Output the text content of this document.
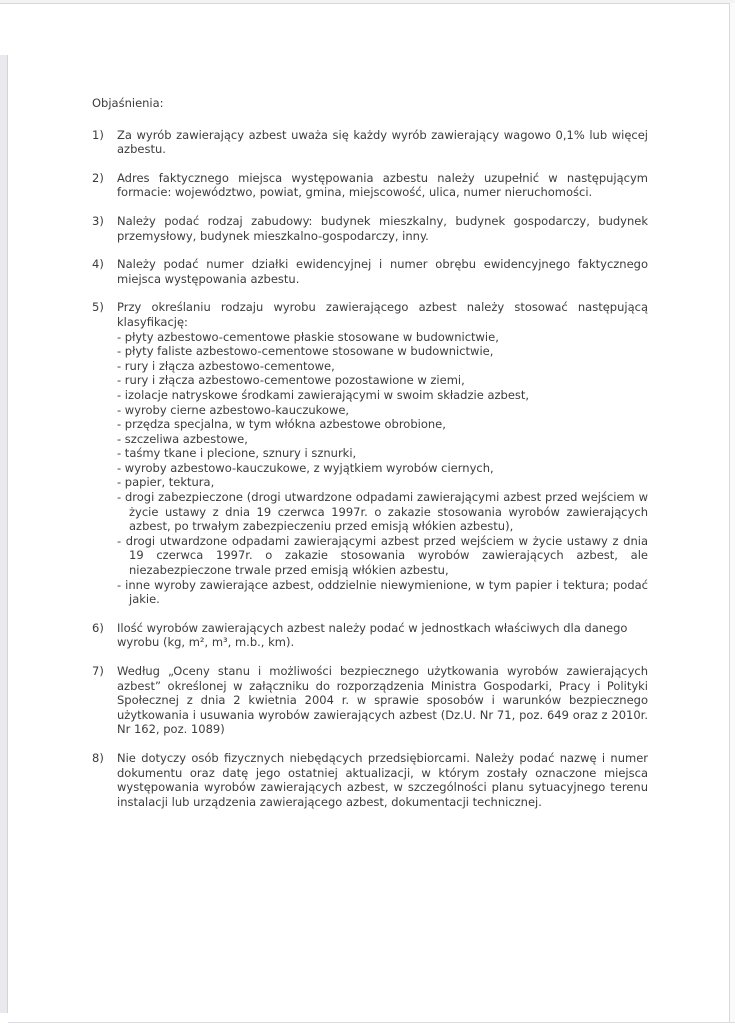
Objaśnienia:
1) Za wyrób zawierający azbest uważa się każdy wyrób zawierający wagowo 0,1% lub więcej azbestu.
2) Adres faktycznego miejsca występowania azbestu należy uzupełnić w następującym formacie: województwo, powiat, gmina, miejscowość, ulica, numer nieruchomości.
3) Należy podać rodzaj zabudowy: budynek mieszkalny, budynek gospodarczy, budynek przemysłowy, budynek mieszkalno-gospodarczy, inny.
4) Należy podać numer działki ewidencyjnej i numer obrębu ewidencyjnego faktycznego miejsca występowania azbestu.
5) Przy określaniu rodzaju wyrobu zawierającego azbest należy stosować następującą klasyfikację:
- płyty azbestowo-cementowe płaskie stosowane w budownictwie,
- płyty faliste azbestowo-cementowe stosowane w budownictwie,
- rury i złącza azbestowo-cementowe,
- rury i złącza azbestowo-cementowe pozostawione w ziemi,
- izolacje natryskowe środkami zawierającymi w swoim składzie azbest,
- wyroby cierne azbestowo-kauczukowe,
- przędza specjalna, w tym włókna azbestowe obrobione,
- szczeliwa azbestowe,
- taśmy tkane i plecione, sznury i sznurki,
- wyroby azbestowo-kauczukowe, z wyjątkiem wyrobów ciernych,
- papier, tektura,
- drogi zabezpieczone (drogi utwardzone odpadami zawierającymi azbest przed wejściem w życie ustawy z dnia 19 czerwca 1997r. o zakazie stosowania wyrobów zawierających azbest, po trwałym zabezpieczeniu przed emisją włókien azbestu),
- drogi utwardzone odpadami zawierającymi azbest przed wejściem w życie ustawy z dnia 19 czerwca 1997r. o zakazie stosowania wyrobów zawierających azbest, ale niezabezpieczone trwale przed emisją włókien azbestu,
- inne wyroby zawierające azbest, oddzielnie niewymienione, w tym papier i tektura; podać jakie.
6) Ilość wyrobów zawierających azbest należy podać w jednostkach właściwych dla danego wyrobu (kg, m², m³, m.b., km).
7) Według „Oceny stanu i możliwości bezpiecznego użytkowania wyrobów zawierających azbest” określonej w załączniku do rozporządzenia Ministra Gospodarki, Pracy i Polityki Społecznej z dnia 2 kwietnia 2004 r. w sprawie sposobów i warunków bezpiecznego użytkowania i usuwania wyrobów zawierających azbest (Dz.U. Nr 71, poz. 649 oraz z 2010r. Nr 162, poz. 1089)
8) Nie dotyczy osób fizycznych niebędących przedsiębiorcami. Należy podać nazwę i numer dokumentu oraz datę jego ostatniej aktualizacji, w którym zostały oznaczone miejsca występowania wyrobów zawierających azbest, w szczególności planu sytuacyjnego terenu instalacji lub urządzenia zawierającego azbest, dokumentacji technicznej.
